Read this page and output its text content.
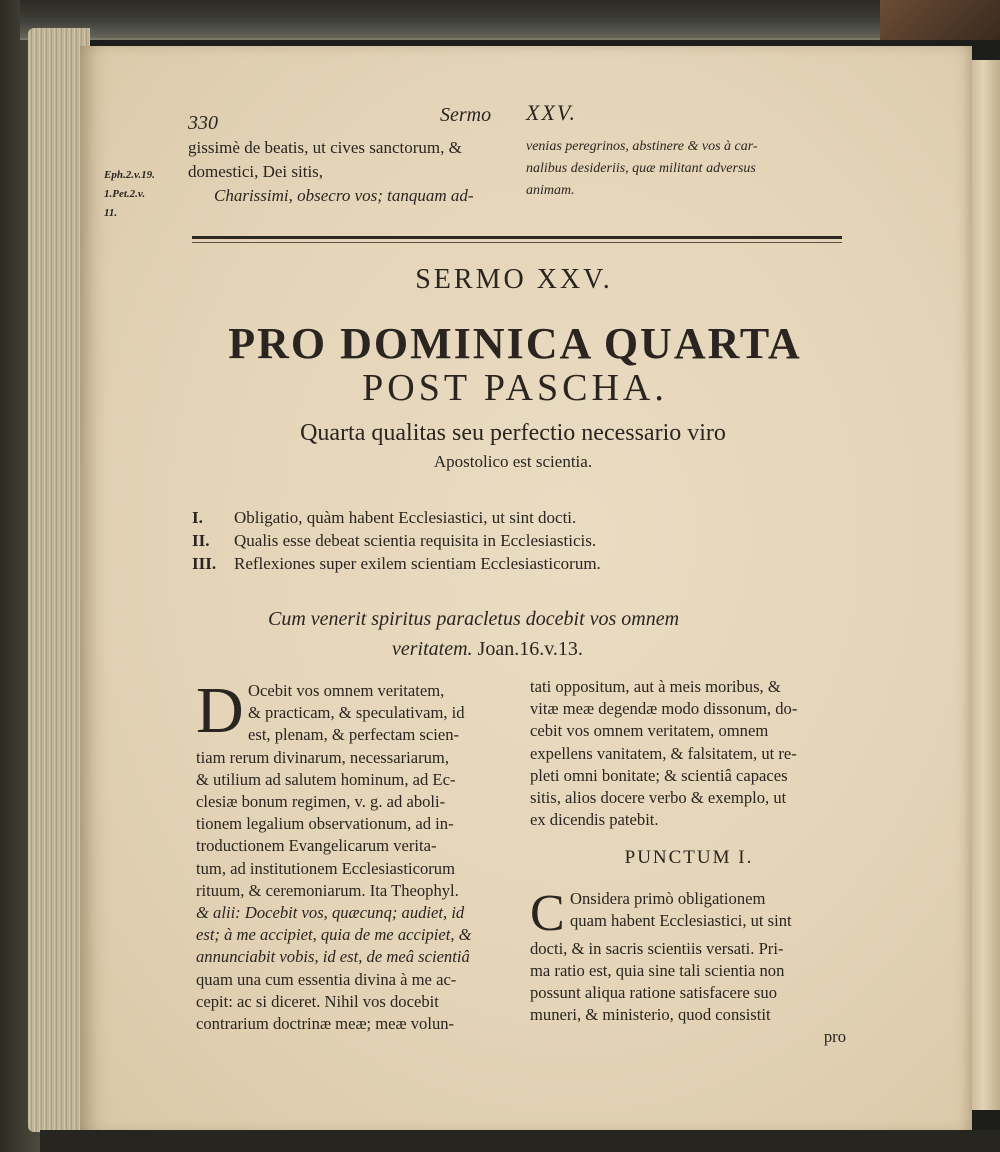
330	Sermo XXV.
Eph.2.v.19.
1.Pet.2.v.
11.
gissimè de beatis, ut cives sanctorum, &
domestici, Dei sitis,
Charissimi, obsecro vos; tanquam ad-
venias peregrinos, abstinere & vos à car-
nalibus desideriis, quæ militant adversus
animam.
SERMO XXV.
PRO DOMINICA QUARTA
POST PASCHA.
Quarta qualitas seu perfectio necessario viro
Apostolico est scientia.
I. Obligatio, quàm habent Ecclesiastici, ut sint docti.
II. Qualis esse debeat scientia requisita in Ecclesiasticis.
III. Reflexiones super exilem scientiam Ecclesiasticorum.
Cum venerit spiritus paracletus docebit vos omnem
veritatem. Joan.16.v.13.
D Ocebit vos omnem veritatem,
& practicam, & speculativam, id
est, plenam, & perfectam scien-
tiam rerum divinarum, necessariarum,
& utilium ad salutem hominum, ad Ec-
clesiæ bonum regimen, v. g. ad aboli-
tionem legalium observationum, ad in-
troductionem Evangelicarum verita-
tum, ad institutionem Ecclesiasticorum
rituum, & ceremoniarum. Ita Theophyl.
& alii: Docebit vos, quæcunq; audiet, id
est; à me accipiet, quia de me accipiet, &
annunciabit vobis, id est, de meâ scientiâ
quam una cum essentia divina à me ac-
cepit: ac si diceret. Nihil vos docebit
contrarium doctrinæ meæ; meæ volun-
tati oppositum, aut à meis moribus, &
vitæ meæ degendæ modo dissonum, do-
cebit vos omnem veritatem, omnem
expellens vanitatem, & falsitatem, ut re-
pleti omni bonitate; & scientiâ capaces
sitis, alios docere verbo & exemplo, ut
ex dicendis patebit.
PUNCTUM I.
C Onsidera primò obligationem
quam habent Ecclesiastici, ut sint
docti, & in sacris scientiis versati. Pri-
ma ratio est, quia sine tali scientia non
possunt aliqua ratione satisfacere suo
muneri, & ministerio, quod consistit
pro
